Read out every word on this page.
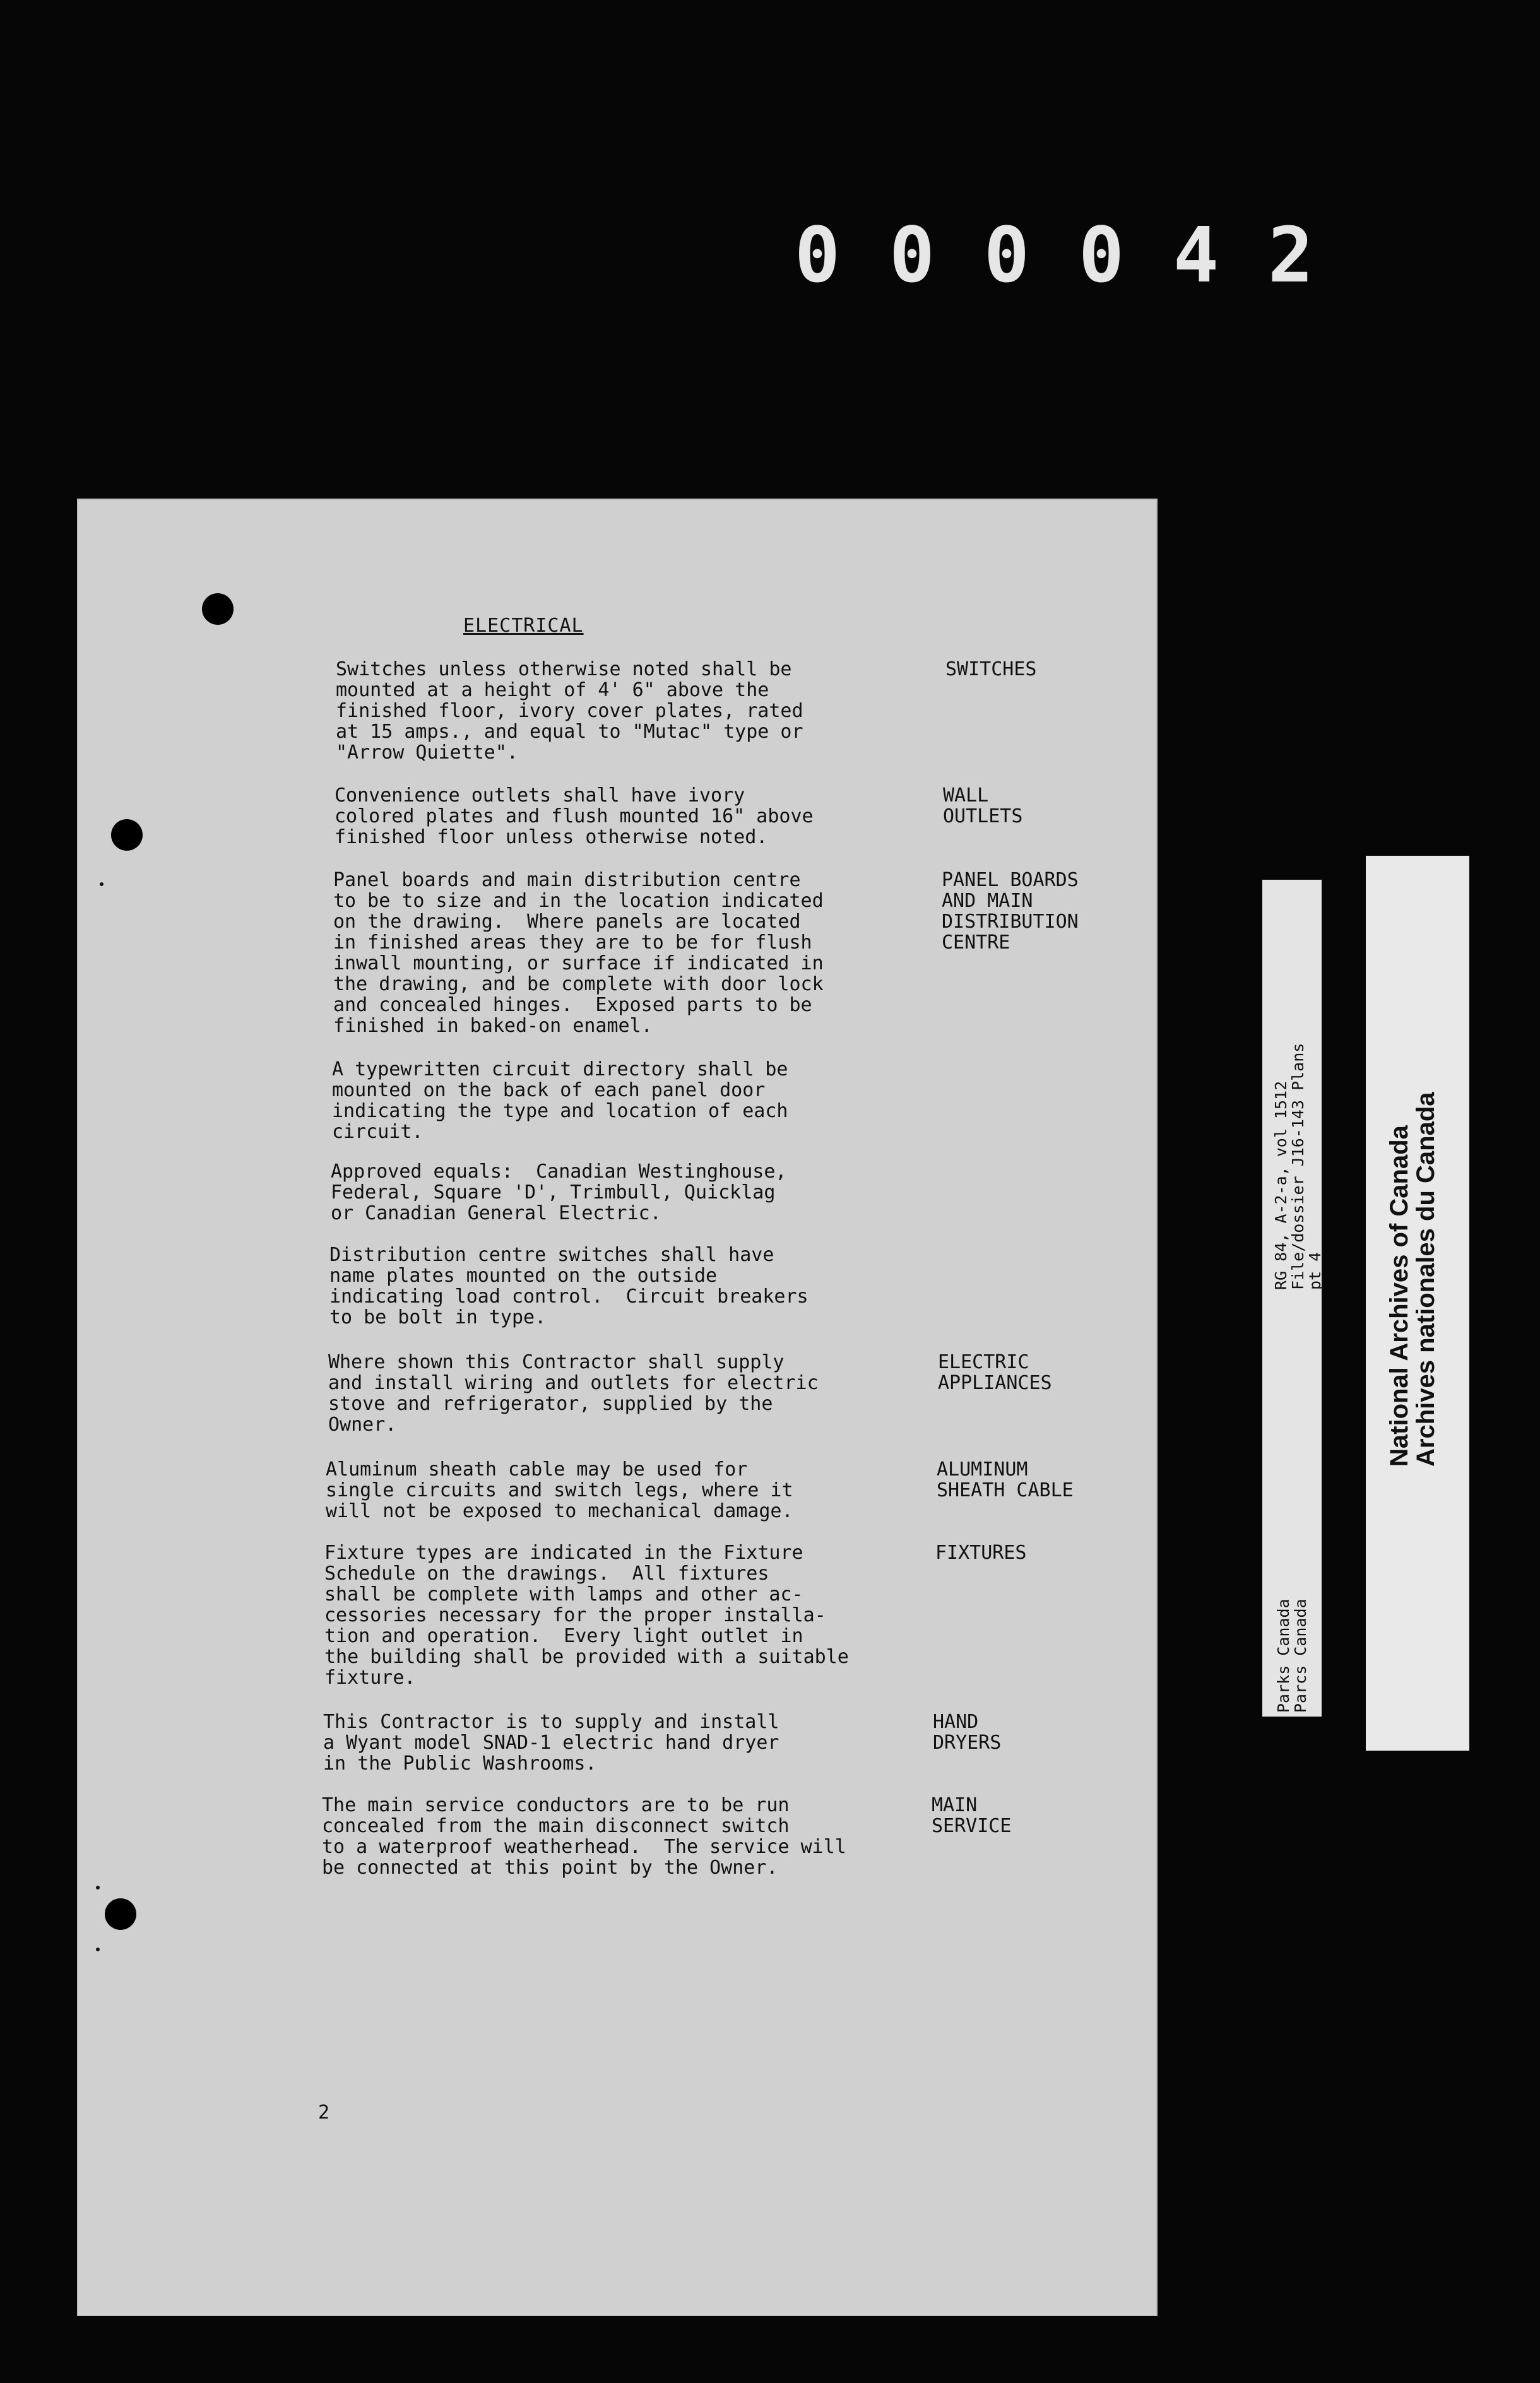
0 0 0 0 4 2
ELECTRICAL
Switches unless otherwise noted shall be
mounted at a height of 4' 6" above the
finished floor, ivory cover plates, rated
at 15 amps., and equal to "Mutac" type or
"Arrow Quiette".
SWITCHES
Convenience outlets shall have ivory
colored plates and flush mounted 16" above
finished floor unless otherwise noted.
WALL
OUTLETS
Panel boards and main distribution centre
to be to size and in the location indicated
on the drawing.  Where panels are located
in finished areas they are to be for flush
inwall mounting, or surface if indicated in
the drawing, and be complete with door lock
and concealed hinges.  Exposed parts to be
finished in baked-on enamel.
PANEL BOARDS
AND MAIN
DISTRIBUTION
CENTRE
A typewritten circuit directory shall be
mounted on the back of each panel door
indicating the type and location of each
circuit.
Approved equals:  Canadian Westinghouse,
Federal, Square 'D', Trimbull, Quicklag
or Canadian General Electric.
Distribution centre switches shall have
name plates mounted on the outside
indicating load control.  Circuit breakers
to be bolt in type.
Where shown this Contractor shall supply
and install wiring and outlets for electric
stove and refrigerator, supplied by the
Owner.
ELECTRIC
APPLIANCES
Aluminum sheath cable may be used for
single circuits and switch legs, where it
will not be exposed to mechanical damage.
ALUMINUM
SHEATH CABLE
Fixture types are indicated in the Fixture
Schedule on the drawings.  All fixtures
shall be complete with lamps and other ac-
cessories necessary for the proper installa-
tion and operation.  Every light outlet in
the building shall be provided with a suitable
fixture.
FIXTURES
This Contractor is to supply and install
a Wyant model SNAD-1 electric hand dryer
in the Public Washrooms.
HAND
DRYERS
The main service conductors are to be run
concealed from the main disconnect switch
to a waterproof weatherhead.  The service will
be connected at this point by the Owner.
MAIN
SERVICE
2
RG 84, A-2-a, vol 1512
File/dossier J16-143 Plans
pt 4
Parks Canada
Parcs Canada
National Archives of Canada
Archives nationales du Canada
